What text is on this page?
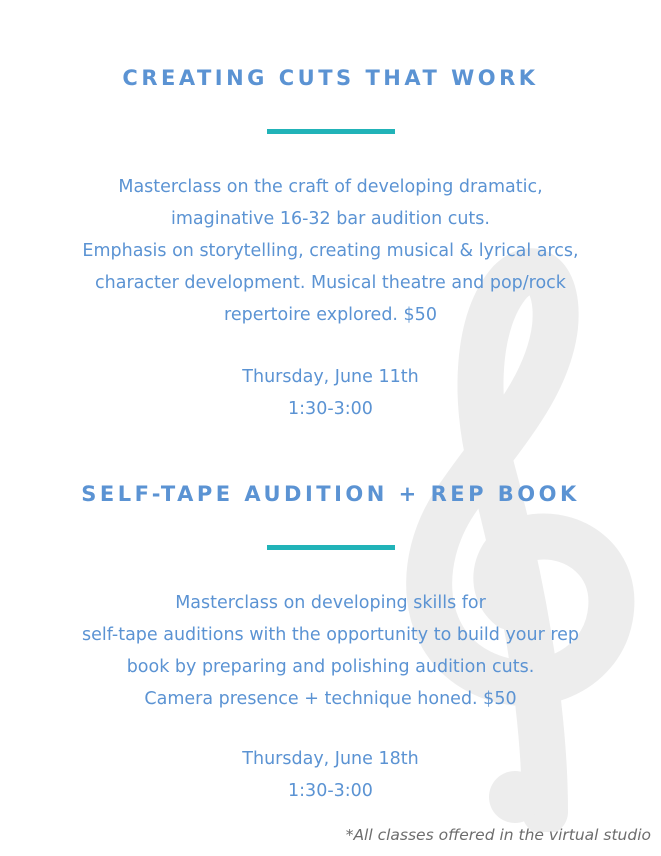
CREATING CUTS THAT WORK
Masterclass on the craft of developing dramatic,
imaginative 16-32 bar audition cuts.
Emphasis on storytelling, creating musical & lyrical arcs,
character development. Musical theatre and pop/rock
repertoire explored. $50
Thursday, June 11th
1:30-3:00
SELF-TAPE AUDITION + REP BOOK
Masterclass on developing skills for
self-tape auditions with the opportunity to build your rep
book by preparing and polishing audition cuts.
Camera presence + technique honed. $50
Thursday, June 18th
1:30-3:00
*All classes offered in the virtual studio
